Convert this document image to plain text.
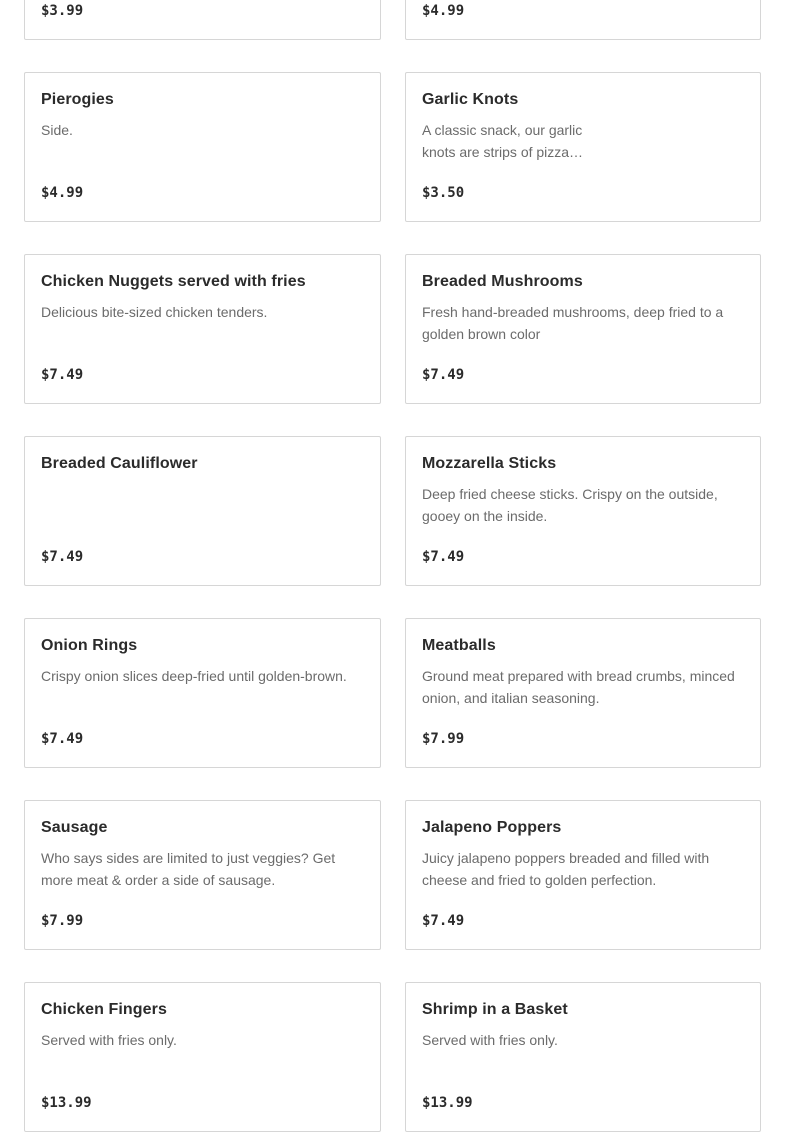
$3.99	$4.99
Pierogies
Side.
$4.99
Garlic Knots
A classic snack, our garlic knots are strips of pizza…
$3.50
Chicken Nuggets served with fries
Delicious bite-sized chicken tenders.
$7.49
Breaded Mushrooms
Fresh hand-breaded mushrooms, deep fried to a golden brown color
$7.49
Breaded Cauliflower
$7.49
Mozzarella Sticks
Deep fried cheese sticks. Crispy on the outside, gooey on the inside.
$7.49
Onion Rings
Crispy onion slices deep-fried until golden-brown.
$7.49
Meatballs
Ground meat prepared with bread crumbs, minced onion, and italian seasoning.
$7.99
Sausage
Who says sides are limited to just veggies? Get more meat & order a side of sausage.
$7.99
Jalapeno Poppers
Juicy jalapeno poppers breaded and filled with cheese and fried to golden perfection.
$7.49
Chicken Fingers
Served with fries only.
$13.99
Shrimp in a Basket
Served with fries only.
$13.99
